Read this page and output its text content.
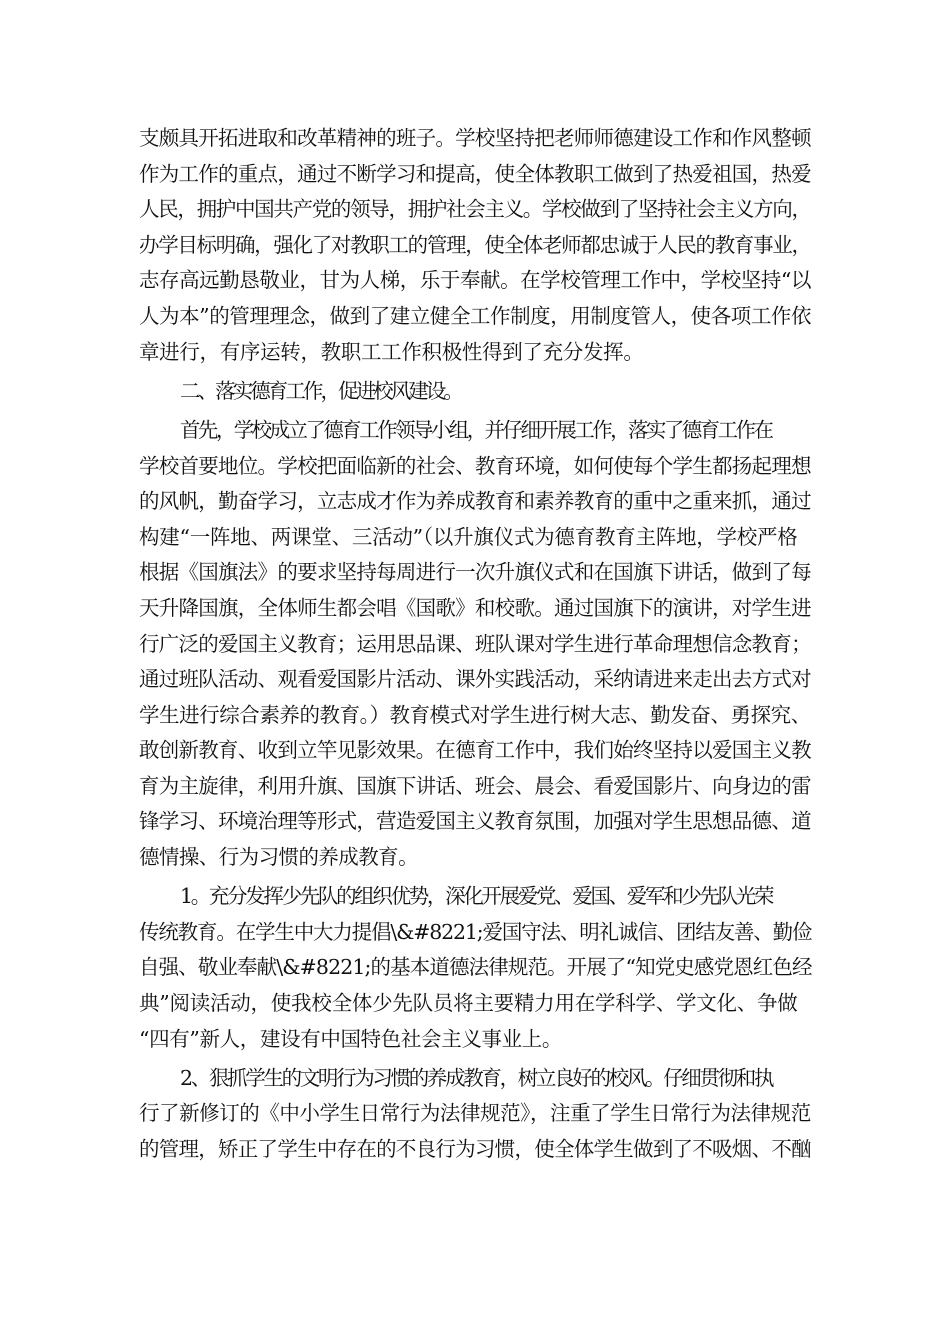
支颇具开拓进取和改革精神的班子。学校坚持把老师师德建设工作和作风整顿
作为工作的重点，通过不断学习和提高，使全体教职工做到了热爱祖国，热爱
人民，拥护中国共产党的领导，拥护社会主义。学校做到了坚持社会主义方向，
办学目标明确，强化了对教职工的管理，使全体老师都忠诚于人民的教育事业，
志存高远勤恳敬业，甘为人梯，乐于奉献。在学校管理工作中，学校坚持“以
人为本”的管理理念，做到了建立健全工作制度，用制度管人，使各项工作依
章进行，有序运转，教职工工作积极性得到了充分发挥。
二、落实德育工作，促进校风建设。
首先，学校成立了德育工作领导小组，并仔细开展工作，落实了德育工作在
学校首要地位。学校把面临新的社会、教育环境，如何使每个学生都扬起理想
的风帆，勤奋学习，立志成才作为养成教育和素养教育的重中之重来抓，通过
构建“一阵地、两课堂、三活动”（以升旗仪式为德育教育主阵地，学校严格
根据《国旗法》的要求坚持每周进行一次升旗仪式和在国旗下讲话，做到了每
天升降国旗，全体师生都会唱《国歌》和校歌。通过国旗下的演讲，对学生进
行广泛的爱国主义教育；运用思品课、班队课对学生进行革命理想信念教育；
通过班队活动、观看爱国影片活动、课外实践活动，采纳请进来走出去方式对
学生进行综合素养的教育。）教育模式对学生进行树大志、勤发奋、勇探究、
敢创新教育、收到立竿见影效果。在德育工作中，我们始终坚持以爱国主义教
育为主旋律，利用升旗、国旗下讲话、班会、晨会、看爱国影片、向身边的雷
锋学习、环境治理等形式，营造爱国主义教育氛围，加强对学生思想品德、道
德情操、行为习惯的养成教育。
1。充分发挥少先队的组织优势，深化开展爱党、爱国、爱军和少先队光荣
传统教育。在学生中大力提倡\&#8221;爱国守法、明礼诚信、团结友善、勤俭
自强、敬业奉献\&#8221;的基本道德法律规范。开展了“知党史感党恩红色经
典”阅读活动，使我校全体少先队员将主要精力用在学科学、学文化、争做
“四有”新人，建设有中国特色社会主义事业上。
2、狠抓学生的文明行为习惯的养成教育，树立良好的校风。仔细贯彻和执
行了新修订的《中小学生日常行为法律规范》，注重了学生日常行为法律规范
的管理，矫正了学生中存在的不良行为习惯，使全体学生做到了不吸烟、不酗
